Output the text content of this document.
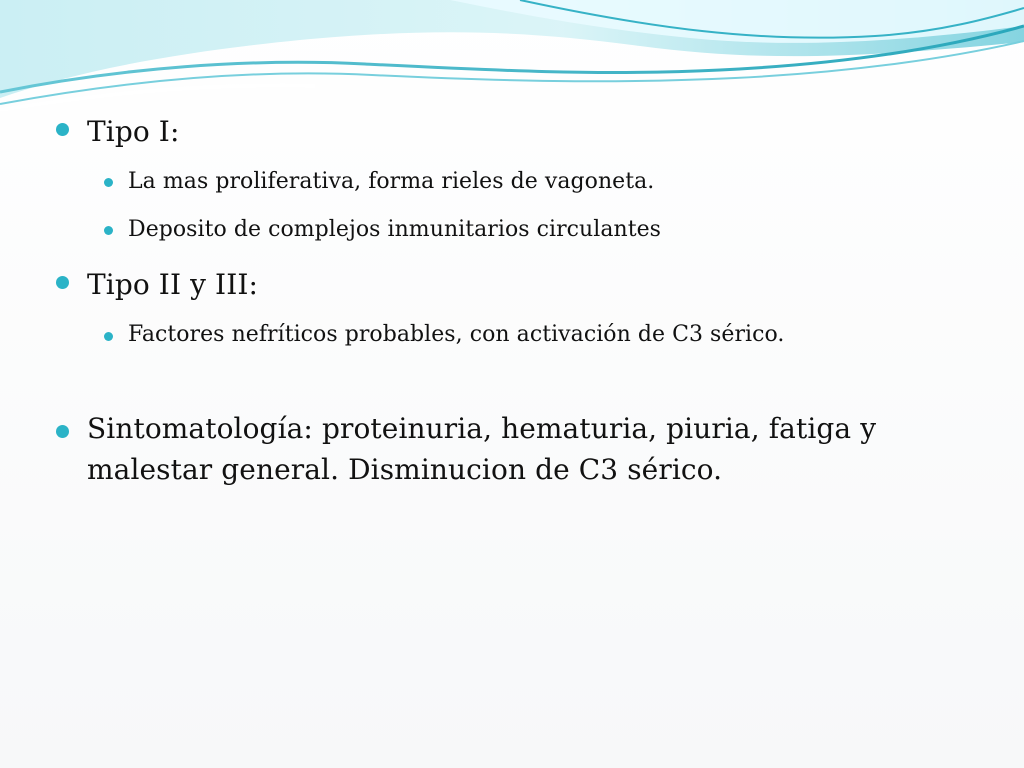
Tipo I:
La mas proliferativa, forma rieles de vagoneta.
Deposito de complejos inmunitarios circulantes
Tipo II y III:
Factores nefríticos probables, con activación de C3 sérico.
Sintomatología: proteinuria, hematuria, piuria, fatiga y malestar general. Disminucion de C3 sérico.
